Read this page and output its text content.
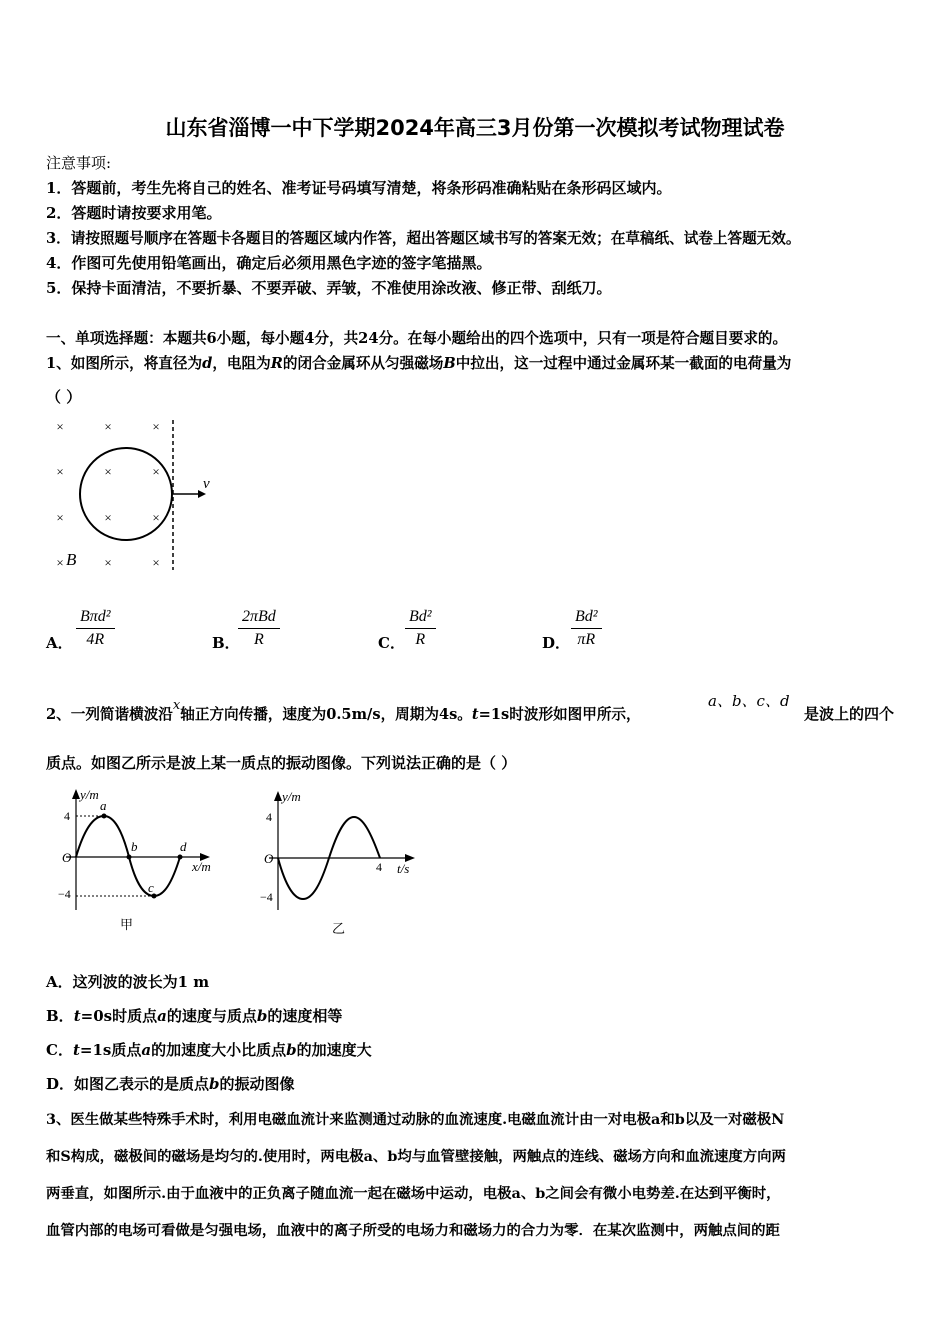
山东省淄博一中下学期2024年高三3月份第一次模拟考试物理试卷
注意事项:
1．答题前，考生先将自己的姓名、准考证号码填写清楚，将条形码准确粘贴在条形码区域内。
2．答题时请按要求用笔。
3．请按照题号顺序在答题卡各题目的答题区域内作答，超出答题区域书写的答案无效；在草稿纸、试卷上答题无效。
4．作图可先使用铅笔画出，确定后必须用黑色字迹的签字笔描黑。
5．保持卡面清洁，不要折暴、不要弄破、弄皱，不准使用涂改液、修正带、刮纸刀。
一、单项选择题：本题共6小题，每小题4分，共24分。在每小题给出的四个选项中，只有一项是符合题目要求的。
1、如图所示，将直径为d，电阻为R的闭合金属环从匀强磁场B中拉出，这一过程中通过金属环某一截面的电荷量为
（ ）
×	×	×
×	×	×
×	×	×
×	×	×
v
B
A．
Bπd²
4R	B．
2πBd
R	C． $\frac{\text{Bd²}}{R}$	D． $\frac{\text{Bd²}}{\pi R}$
2、一列简谐横波沿x轴正方向传播，速度为0.5m/s，周期为4s。t=1s时波形如图甲所示，
a、b、c、d
是波上的四个
质点。如图乙所示是波上某一质点的振动图像。下列说法正确的是（ ）
y/m
x/m
4
−4
O
a
b
c
d
甲
y/m
t/s
4
−4
O
4
乙
A．这列波的波长为1 m
B．t=0s时质点a的速度与质点b的速度相等
C．t=1s质点a的加速度大小比质点b的加速度大
D．如图乙表示的是质点b的振动图像
3、医生做某些特殊手术时，利用电磁血流计来监测通过动脉的血流速度.电磁血流计由一对电极a和b以及一对磁极N
和S构成，磁极间的磁场是均匀的.使用时，两电极a、b均与血管壁接触，两触点的连线、磁场方向和血流速度方向两
两垂直，如图所示.由于血液中的正负离子随血流一起在磁场中运动，电极a、b之间会有微小电势差.在达到平衡时，
血管内部的电场可看做是匀强电场，血液中的离子所受的电场力和磁场力的合力为零．在某次监测中，两触点间的距
